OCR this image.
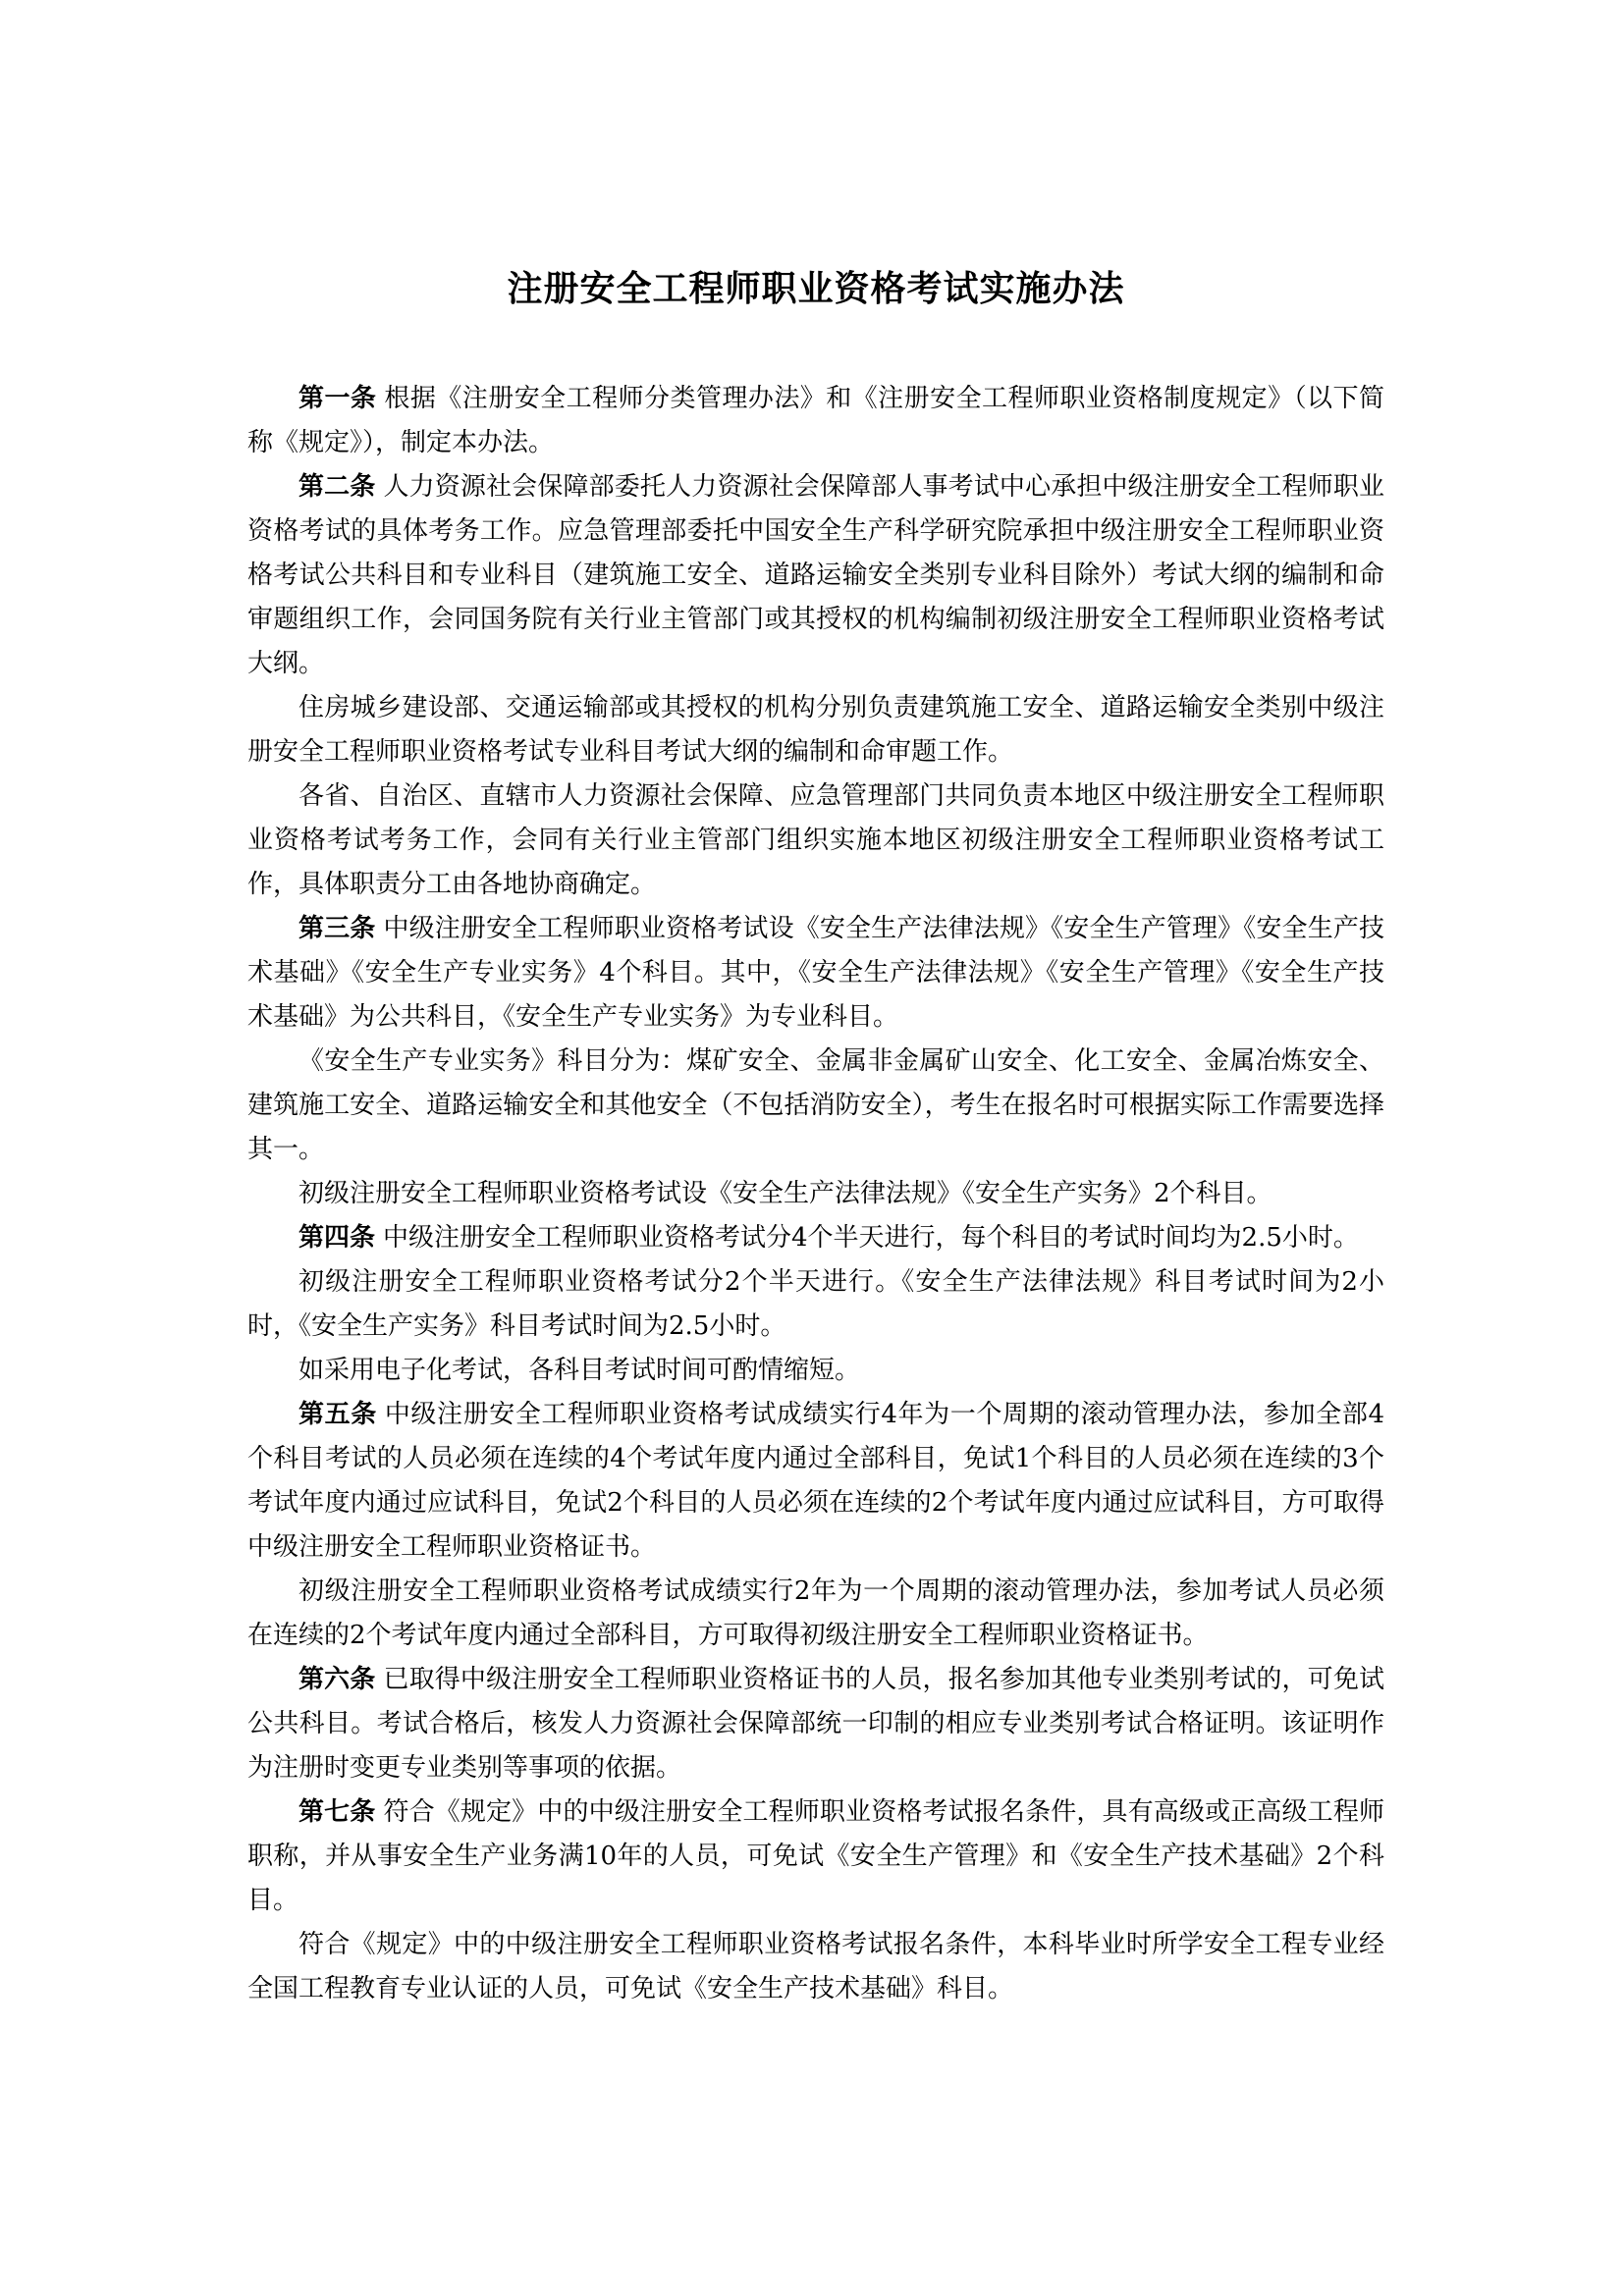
注册安全工程师职业资格考试实施办法

第一条 根据《注册安全工程师分类管理办法》和《注册安全工程师职业资格制度规定》（以下简称《规定》），制定本办法。

第二条 人力资源社会保障部委托人力资源社会保障部人事考试中心承担中级注册安全工程师职业资格考试的具体考务工作。应急管理部委托中国安全生产科学研究院承担中级注册安全工程师职业资格考试公共科目和专业科目（建筑施工安全、道路运输安全类别专业科目除外）考试大纲的编制和命审题组织工作，会同国务院有关行业主管部门或其授权的机构编制初级注册安全工程师职业资格考试大纲。

住房城乡建设部、交通运输部或其授权的机构分别负责建筑施工安全、道路运输安全类别中级注册安全工程师职业资格考试专业科目考试大纲的编制和命审题工作。

各省、自治区、直辖市人力资源社会保障、应急管理部门共同负责本地区中级注册安全工程师职业资格考试考务工作，会同有关行业主管部门组织实施本地区初级注册安全工程师职业资格考试工作，具体职责分工由各地协商确定。

第三条 中级注册安全工程师职业资格考试设《安全生产法律法规》《安全生产管理》《安全生产技术基础》《安全生产专业实务》4个科目。其中，《安全生产法律法规》《安全生产管理》《安全生产技术基础》为公共科目，《安全生产专业实务》为专业科目。

《安全生产专业实务》科目分为：煤矿安全、金属非金属矿山安全、化工安全、金属冶炼安全、建筑施工安全、道路运输安全和其他安全（不包括消防安全），考生在报名时可根据实际工作需要选择其一。

初级注册安全工程师职业资格考试设《安全生产法律法规》《安全生产实务》2个科目。

第四条 中级注册安全工程师职业资格考试分4个半天进行，每个科目的考试时间均为2.5小时。

初级注册安全工程师职业资格考试分2个半天进行。《安全生产法律法规》科目考试时间为2小时，《安全生产实务》科目考试时间为2.5小时。

如采用电子化考试，各科目考试时间可酌情缩短。

第五条 中级注册安全工程师职业资格考试成绩实行4年为一个周期的滚动管理办法，参加全部4个科目考试的人员必须在连续的4个考试年度内通过全部科目，免试1个科目的人员必须在连续的3个考试年度内通过应试科目，免试2个科目的人员必须在连续的2个考试年度内通过应试科目，方可取得中级注册安全工程师职业资格证书。

初级注册安全工程师职业资格考试成绩实行2年为一个周期的滚动管理办法，参加考试人员必须在连续的2个考试年度内通过全部科目，方可取得初级注册安全工程师职业资格证书。

第六条 已取得中级注册安全工程师职业资格证书的人员，报名参加其他专业类别考试的，可免试公共科目。考试合格后，核发人力资源社会保障部统一印制的相应专业类别考试合格证明。该证明作为注册时变更专业类别等事项的依据。

第七条 符合《规定》中的中级注册安全工程师职业资格考试报名条件，具有高级或正高级工程师职称，并从事安全生产业务满10年的人员，可免试《安全生产管理》和《安全生产技术基础》2个科目。

符合《规定》中的中级注册安全工程师职业资格考试报名条件，本科毕业时所学安全工程专业经全国工程教育专业认证的人员，可免试《安全生产技术基础》科目。
